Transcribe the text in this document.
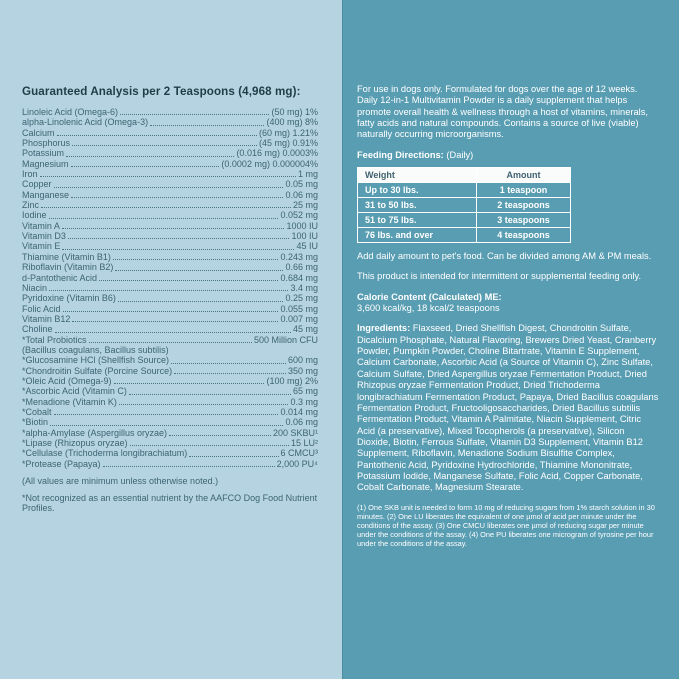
Guaranteed Analysis per 2 Teaspoons (4,968 mg):
Linoleic Acid (Omega-6)	(50 mg) 1%
alpha-Linolenic Acid (Omega-3)	(400 mg) 8%
Calcium	(60 mg) 1.21%
Phosphorus	(45 mg) 0.91%
Potassium	(0.016 mg) 0.0003%
Magnesium	(0.0002 mg) 0.000004%
Iron	1 mg
Copper	0.05 mg
Manganese	0.06 mg
Zinc	25 mg
Iodine	0.052 mg
Vitamin A	1000 IU
Vitamin D3	100 IU
Vitamin E	45 IU
Thiamine (Vitamin B1)	0.243 mg
Riboflavin (Vitamin B2)	0.66 mg
d-Pantothenic Acid	0.684 mg
Niacin	3.4 mg
Pyridoxine (Vitamin B6)	0.25 mg
Folic Acid	0.055 mg
Vitamin B12	0.007 mg
Choline	45 mg
*Total Probiotics	500 Million CFU
(Bacillus coagulans, Bacillus subtilis)
*Glucosamine HCl (Shellfish Source)	600 mg
*Chondroitin Sulfate (Porcine Source)	350 mg
*Oleic Acid (Omega-9)	(100 mg) 2%
*Ascorbic Acid (Vitamin C)	65 mg
*Menadione (Vitamin K)	0.3 mg
*Cobalt	0.014 mg
*Biotin	0.06 mg
*alpha-Amylase (Aspergillus oryzae)	200 SKBU¹
*Lipase (Rhizopus oryzae)	15 LU²
*Cellulase (Trichoderma longibrachiatum)	6 CMCU³
*Protease (Papaya)	2,000 PU⁴

(All values are minimum unless otherwise noted.)

*Not recognized as an essential nutrient by the AAFCO Dog Food Nutrient Profiles.

For use in dogs only. Formulated for dogs over the age of 12 weeks. Daily 12-in-1 Multivitamin Powder is a daily supplement that helps promote overall health & wellness through a host of vitamins, minerals, fatty acids and natural compounds. Contains a source of live (viable) naturally occurring microorganisms.

Feeding Directions: (Daily)

Weight	Amount
Up to 30 lbs.	1 teaspoon
31 to 50 lbs.	2 teaspoons
51 to 75 lbs.	3 teaspoons
76 lbs. and over	4 teaspoons

Add daily amount to pet's food. Can be divided among AM & PM meals.

This product is intended for intermittent or supplemental feeding only.

Calorie Content (Calculated) ME:
3,600 kcal/kg, 18 kcal/2 teaspoons

Ingredients: Flaxseed, Dried Shellfish Digest, Chondroitin Sulfate, Dicalcium Phosphate, Natural Flavoring, Brewers Dried Yeast, Cranberry Powder, Pumpkin Powder, Choline Bitartrate, Vitamin E Supplement, Calcium Carbonate, Ascorbic Acid (a Source of Vitamin C), Zinc Sulfate, Calcium Sulfate, Dried Aspergillus oryzae Fermentation Product, Dried Rhizopus oryzae Fermentation Product, Dried Trichoderma longibrachiatum Fermentation Product, Papaya, Dried Bacillus coagulans Fermentation Product, Fructooligosaccharides, Dried Bacillus subtilis Fermentation Product, Vitamin A Palmitate, Niacin Supplement, Citric Acid (a preservative), Mixed Tocopherols (a preservative), Silicon Dioxide, Biotin, Ferrous Sulfate, Vitamin D3 Supplement, Vitamin B12 Supplement, Riboflavin, Menadione Sodium Bisulfite Complex, Pantothenic Acid, Pyridoxine Hydrochloride, Thiamine Mononitrate, Potassium Iodide, Manganese Sulfate, Folic Acid, Copper Carbonate, Cobalt Carbonate, Magnesium Stearate.

(1) One SKB unit is needed to form 10 mg of reducing sugars from 1% starch solution in 30 minutes. (2) One LU liberates the equivalent of one µmol of acid per minute under the conditions of the assay. (3) One CMCU liberates one µmol of reducing sugar per minute under the conditions of the assay. (4) One PU liberates one microgram of tyrosine per hour under the conditions of the assay.
